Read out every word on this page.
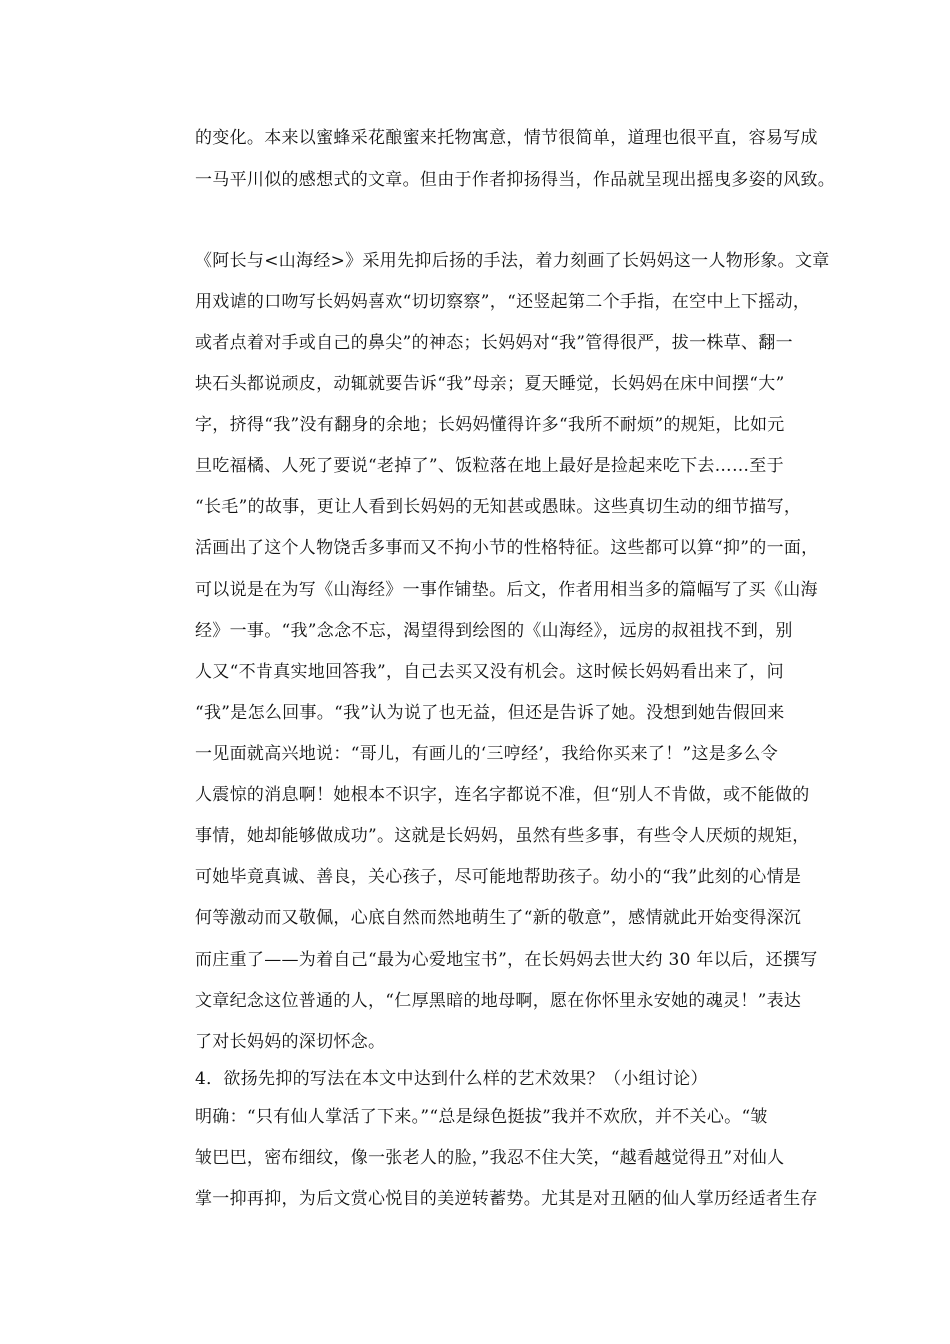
的变化。本来以蜜蜂采花酿蜜来托物寓意，情节很简单，道理也很平直，容易写成
一马平川似的感想式的文章。但由于作者抑扬得当，作品就呈现出摇曳多姿的风致。
《阿长与<山海经>》采用先抑后扬的手法，着力刻画了长妈妈这一人物形象。文章
用戏谑的口吻写长妈妈喜欢“切切察察”，“还竖起第二个手指，在空中上下摇动，
或者点着对手或自己的鼻尖”的神态；长妈妈对“我”管得很严，拔一株草、翻一
块石头都说顽皮，动辄就要告诉“我”母亲；夏天睡觉，长妈妈在床中间摆“大”
字，挤得“我”没有翻身的余地；长妈妈懂得许多“我所不耐烦”的规矩，比如元
旦吃福橘、人死了要说“老掉了”、饭粒落在地上最好是捡起来吃下去……至于
“长毛”的故事，更让人看到长妈妈的无知甚或愚昧。这些真切生动的细节描写，
活画出了这个人物饶舌多事而又不拘小节的性格特征。这些都可以算“抑”的一面，
可以说是在为写《山海经》一事作铺垫。后文，作者用相当多的篇幅写了买《山海
经》一事。“我”念念不忘，渴望得到绘图的《山海经》，远房的叔祖找不到，别
人又“不肯真实地回答我”，自己去买又没有机会。这时候长妈妈看出来了，问
“我”是怎么回事。“我”认为说了也无益，但还是告诉了她。没想到她告假回来
一见面就高兴地说：“哥儿，有画儿的‘三哼经’，我给你买来了！”这是多么令
人震惊的消息啊！她根本不识字，连名字都说不准，但“别人不肯做，或不能做的
事情，她却能够做成功”。这就是长妈妈，虽然有些多事，有些令人厌烦的规矩，
可她毕竟真诚、善良，关心孩子，尽可能地帮助孩子。幼小的“我”此刻的心情是
何等激动而又敬佩，心底自然而然地萌生了“新的敬意”，感情就此开始变得深沉
而庄重了——为着自己“最为心爱地宝书”，在长妈妈去世大约 30 年以后，还撰写
文章纪念这位普通的人，“仁厚黑暗的地母啊，愿在你怀里永安她的魂灵！”表达
了对长妈妈的深切怀念。
4．欲扬先抑的写法在本文中达到什么样的艺术效果？（小组讨论）
明确：“只有仙人掌活了下来。”“总是绿色挺拔”我并不欢欣，并不关心。“皱
皱巴巴，密布细纹，像一张老人的脸，”我忍不住大笑，“越看越觉得丑”对仙人
掌一抑再抑，为后文赏心悦目的美逆转蓄势。尤其是对丑陋的仙人掌历经适者生存
